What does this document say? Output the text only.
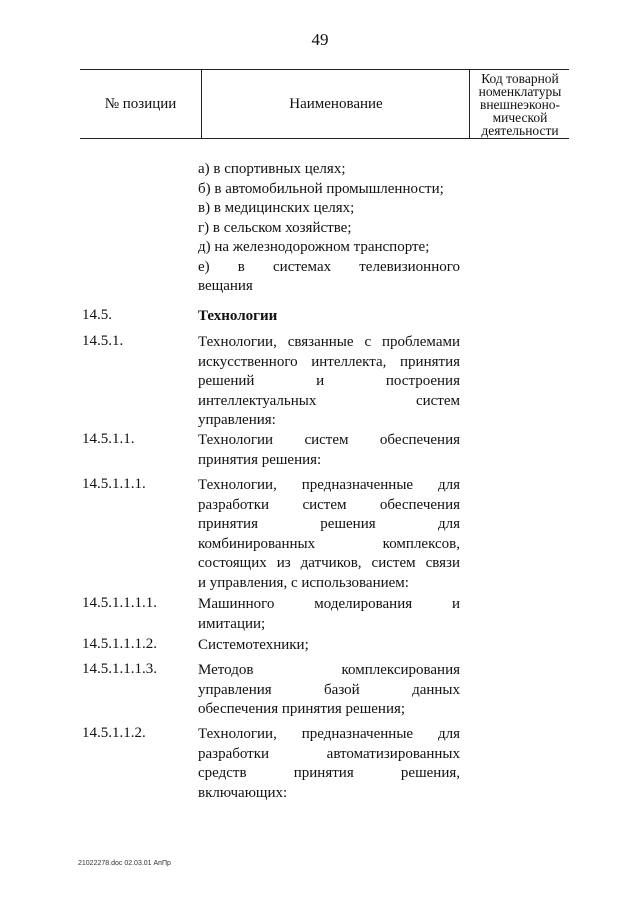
49
№ позиции	Наименование
Код товарной
номенклатуры
внешнеэконо-
мической
деятельности
а) в спортивных целях;
б) в автомобильной промышленности;
в) в медицинских целях;
г) в сельском хозяйстве;
д) на железнодорожном транспорте;
е) в системах телевизионного
вещания
14.5.	Технологии
14.5.1.	Технологии, связанные с проблемами
искусственного интеллекта, принятия
решений и построения
интеллектуальных систем
управления:
14.5.1.1.	Технологии систем обеспечения
принятия решения:
14.5.1.1.1.	Технологии, предназначенные для
разработки систем обеспечения
принятия решения для
комбинированных комплексов,
состоящих из датчиков, систем связи
и управления, с использованием:
14.5.1.1.1.1.	Машинного моделирования и
имитации;
14.5.1.1.1.2.	Системотехники;
14.5.1.1.1.3.	Методов комплексирования
управления базой данных
обеспечения принятия решения;
14.5.1.1.2.	Технологии, предназначенные для
разработки автоматизированных
средств принятия решения,
включающих:
21022278.doc 02.03.01 АпПр
